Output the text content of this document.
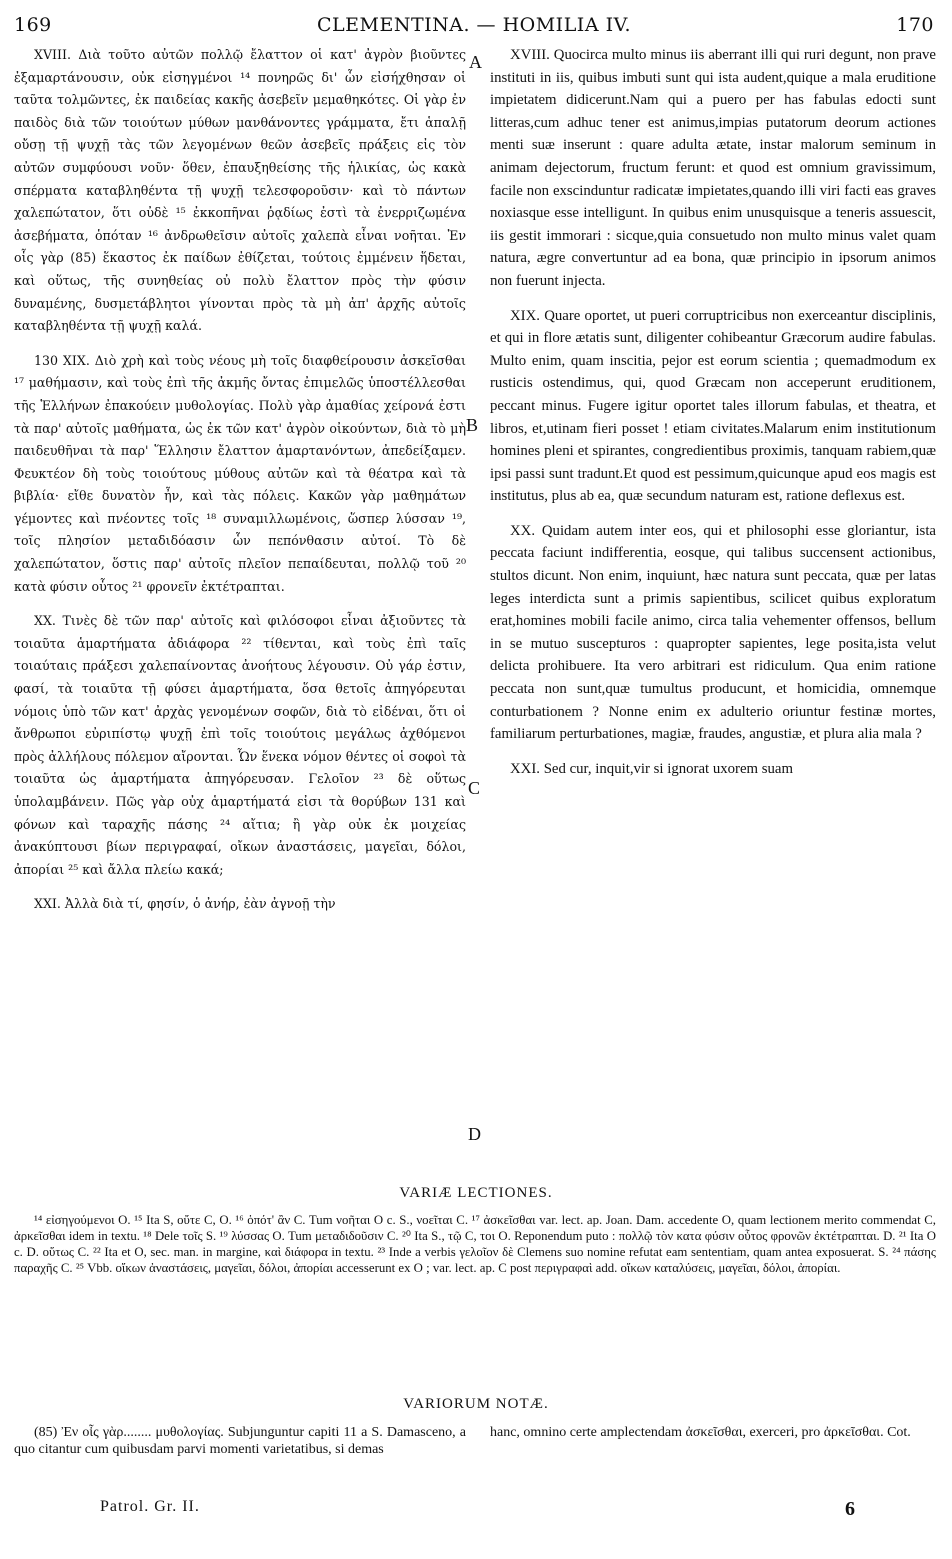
169	CLEMENTINA. — HOMILIA IV.	170

XVIII. Διὰ τοῦτο αὐτῶν πολλῷ ἔλαττον οἱ κατ' ἀγρὸν βιοῦντες ἐξαμαρτάνουσιν, οὐκ εἰσηγμένοι ¹⁴ πονηρῶς δι' ὧν εἰσήχθησαν οἱ ταῦτα τολμῶντες, ἐκ παιδείας κακῆς ἀσεβεῖν μεμαθηκότες. Οἱ γὰρ ἐν παιδὸς διὰ τῶν τοιούτων μύθων μανθάνοντες γράμματα, ἔτι ἁπαλῇ οὔσῃ τῇ ψυχῇ τὰς τῶν λεγομένων θεῶν ἀσεβεῖς πράξεις εἰς τὸν αὐτῶν συμφύουσι νοῦν· ὅθεν, ἐπαυξηθείσης τῆς ἡλικίας, ὡς κακὰ σπέρματα καταβληθέντα τῇ ψυχῇ τελεσφοροῦσιν· καὶ τὸ πάντων χαλεπώτατον, ὅτι οὐδὲ ¹⁵ ἐκκοπῆναι ῥᾳδίως ἐστὶ τὰ ἐνερριζωμένα ἀσεβήματα, ὁπόταν ¹⁶ ἀνδρωθεῖσιν αὐτοῖς χαλεπὰ εἶναι νοῆται. Ἐν οἷς γὰρ (85) ἕκαστος ἐκ παίδων ἐθίζεται, τούτοις ἐμμένειν ἥδεται, καὶ οὕτως, τῆς συνηθείας οὐ πολὺ ἔλαττον πρὸς τὴν φύσιν δυναμένης, δυσμετάβλητοι γίνονται πρὸς τὰ μὴ ἀπ' ἀρχῆς αὐτοῖς καταβληθέντα τῇ ψυχῇ καλά.

130 XIX. Διὸ χρὴ καὶ τοὺς νέους μὴ τοῖς διαφθείρουσιν ἀσκεῖσθαι ¹⁷ μαθήμασιν, καὶ τοὺς ἐπὶ τῆς ἀκμῆς ὄντας ἐπιμελῶς ὑποστέλλεσθαι τῆς Ἑλλήνων ἐπακούειν μυθολογίας. Πολὺ γὰρ ἀμαθίας χείρονά ἐστι τὰ παρ' αὐτοῖς μαθήματα, ὡς ἐκ τῶν κατ' ἀγρὸν οἰκούντων, διὰ τὸ μὴ παιδευθῆναι τὰ παρ' Ἕλλησιν ἔλαττον ἁμαρτανόντων, ἀπεδείξαμεν. Φευκτέον δὴ τοὺς τοιούτους μύθους αὐτῶν καὶ τὰ θέατρα καὶ τὰ βιβλία· εἴθε δυνατὸν ἦν, καὶ τὰς πόλεις. Κακῶν γὰρ μαθημάτων γέμοντες καὶ πνέοντες τοῖς ¹⁸ συναμιλλωμένοις, ὥσπερ λύσσαν ¹⁹, τοῖς πλησίον μεταδιδόασιν ὧν πεπόνθασιν αὐτοί. Τὸ δὲ χαλεπώτατον, ὅστις παρ' αὐτοῖς πλεῖον πεπαίδευται, πολλῷ τοῦ ²⁰ κατὰ φύσιν οὗτος ²¹ φρονεῖν ἐκτέτραπται.

XX. Τινὲς δὲ τῶν παρ' αὐτοῖς καὶ φιλόσοφοι εἶναι ἀξιοῦντες τὰ τοιαῦτα ἁμαρτήματα ἀδιάφορα ²² τίθενται, καὶ τοὺς ἐπὶ ταῖς τοιαύταις πράξεσι χαλεπαίνοντας ἀνοήτους λέγουσιν. Οὐ γάρ ἐστιν, φασί, τὰ τοιαῦτα τῇ φύσει ἁμαρτήματα, ὅσα θετοῖς ἀπηγόρευται νόμοις ὑπὸ τῶν κατ' ἀρχὰς γενομένων σοφῶν, διὰ τὸ εἰδέναι, ὅτι οἱ ἄνθρωποι εὐριπίστῳ ψυχῇ ἐπὶ τοῖς τοιούτοις μεγάλως ἀχθόμενοι πρὸς ἀλλήλους πόλεμον αἴρονται. Ὧν ἕνεκα νόμον θέντες οἱ σοφοὶ τὰ τοιαῦτα ὡς ἁμαρτήματα ἀπηγόρευσαν. Γελοῖον ²³ δὲ οὕτως ὑπολαμβάνειν. Πῶς γὰρ οὐχ ἁμαρτήματά εἰσι τὰ θορύβων 131 καὶ φόνων καὶ ταραχῆς πάσης ²⁴ αἴτια; ἢ γὰρ οὐκ ἐκ μοιχείας ἀνακύπτουσι βίων περιγραφαί, οἴκων ἀναστάσεις, μαγεῖαι, δόλοι, ἀπορίαι ²⁵ καὶ ἄλλα πλείω κακά;

XXI. Ἀλλὰ διὰ τί, φησίν, ὁ ἀνήρ, ἐὰν ἀγνοῇ τὴν

A
B
C
D

XVIII. Quocirca multo minus iis aberrant illi qui ruri degunt, non prave instituti in iis, quibus imbuti sunt qui ista audent,quique a mala eruditione impietatem didicerunt.Nam qui a puero per has fabulas edocti sunt litteras,cum adhuc tener est animus,impias putatorum deorum actiones menti suæ inserunt : quare adulta ætate, instar malorum seminum in animam dejectorum, fructum ferunt: et quod est omnium gravissimum, facile non exscinduntur radicatæ impietates,quando illi viri facti eas graves noxiasque esse intelligunt. In quibus enim unusquisque a teneris assuescit, iis gestit immorari : sicque,quia consuetudo non multo minus valet quam natura, ægre convertuntur ad ea bona, quæ principio in ipsorum animos non fuerunt injecta.

XIX. Quare oportet, ut pueri corruptricibus non exerceantur disciplinis, et qui in flore ætatis sunt, diligenter cohibeantur Græcorum audire fabulas. Multo enim, quam inscitia, pejor est eorum scientia ; quemadmodum ex rusticis ostendimus, qui, quod Græcam non acceperunt eruditionem, peccant minus. Fugere igitur oportet tales illorum fabulas, et theatra, et libros, et,utinam fieri posset ! etiam civitates.Malarum enim institutionum homines pleni et spirantes, congredientibus proximis, tanquam rabiem,quæ ipsi passi sunt tradunt.Et quod est pessimum,quicunque apud eos magis est institutus, plus ab ea, quæ secundum naturam est, ratione deflexus est.

XX. Quidam autem inter eos, qui et philosophi esse gloriantur, ista peccata faciunt indifferentia, eosque, qui talibus succensent actionibus, stultos dicunt. Non enim, inquiunt, hæc natura sunt peccata, quæ per latas leges interdicta sunt a primis sapientibus, scilicet quibus exploratum erat,homines mobili facile animo, circa talia vehementer offensos, bellum in se mutuo suscepturos : quapropter sapientes, lege posita,ista velut delicta prohibuere. Ita vero arbitrari est ridiculum. Qua enim ratione peccata non sunt,quæ tumultus producunt, et homicidia, omnemque conturbationem ? Nonne enim ex adulterio oriuntur festinæ mortes, familiarum perturbationes, magiæ, fraudes, angustiæ, et plura alia mala ?

XXI. Sed cur, inquit,vir si ignorat uxorem suam

VARIÆ LECTIONES.
¹⁴ εἰσηγούμενοι O. ¹⁵ Ita S, οὔτε C, O. ¹⁶ ὁπότ' ἂν C. Tum νοῆται O c. S., νοεῖται C. ¹⁷ ἀσκεῖσθαι var. lect. ap. Joan. Dam. accedente O, quam lectionem merito commendat C, ἀρκεῖσθαι idem in textu. ¹⁸ Dele τοῖς S. ¹⁹ λύσσας O. Tum μεταδιδοῦσιν C. ²⁰ Ita S., τῷ C, τοι O. Reponendum puto : πολλῷ τὸν κατα φύσιν οὗτος φρονῶν ἐκτέτραπται. D. ²¹ Ita O c. D. οὕτως C. ²² Ita et O, sec. man. in margine, καὶ διάφορα in textu. ²³ Inde a verbis γελοῖον δὲ Clemens suo nomine refutat eam sententiam, quam antea exposuerat. S. ²⁴ πάσης παραχῆς C. ²⁵ Vbb. οἴκων ἀναστάσεις, μαγεῖαι, δόλοι, ἀπορίαι accesserunt ex O ; var. lect. ap. C post περιγραφαὶ add. οἴκων καταλύσεις, μαγεῖαι, δόλοι, ἀπορίαι.
VARIORUM NOTÆ.
(85) Ἐν οἷς γὰρ........ μυθολογίας. Subjunguntur capiti 11 a S. Damasceno, a quo citantur cum quibusdam parvi momenti varietatibus, si demas
hanc, omnino certe amplectendam ἀσκεῖσθαι, exerceri, pro ἀρκεῖσθαι. Cot.
Patrol. Gr. II.	6
